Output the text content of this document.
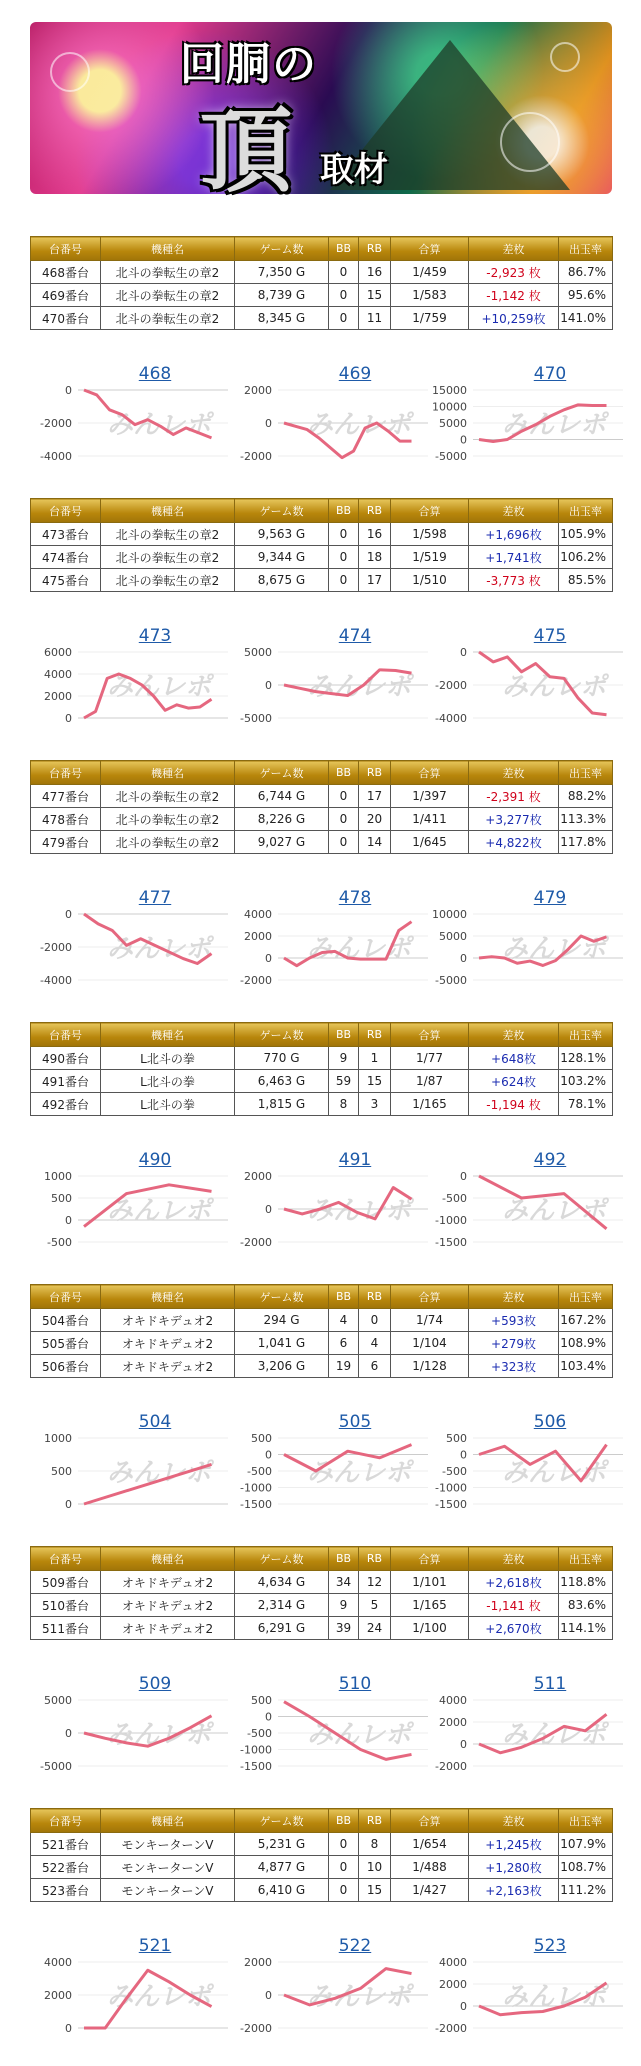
回胴の
頂 取材
いただき
Rainbow
台番号	機種名	ゲーム数	BB	RB	合算	差枚	出玉率
468番台	北斗の拳転生の章2	7,350 G	0	16	1/459	-2,923 枚	86.7%
469番台	北斗の拳転生の章2	8,739 G	0	15	1/583	-1,142 枚	95.6%
470番台	北斗の拳転生の章2	8,345 G	0	11	1/759	+10,259枚	141.0%
468
0
-2000
-4000
みんレポ
469
2000
0
-2000
みんレポ
470
15000
10000
5000
0
-5000
みんレポ
台番号	機種名	ゲーム数	BB	RB	合算	差枚	出玉率
473番台	北斗の拳転生の章2	9,563 G	0	16	1/598	+1,696枚	105.9%
474番台	北斗の拳転生の章2	9,344 G	0	18	1/519	+1,741枚	106.2%
475番台	北斗の拳転生の章2	8,675 G	0	17	1/510	-3,773 枚	85.5%
473
6000
4000
2000
0
みんレポ
474
5000
0
-5000
みんレポ
475
0
-2000
-4000
みんレポ
台番号	機種名	ゲーム数	BB	RB	合算	差枚	出玉率
477番台	北斗の拳転生の章2	6,744 G	0	17	1/397	-2,391 枚	88.2%
478番台	北斗の拳転生の章2	8,226 G	0	20	1/411	+3,277枚	113.3%
479番台	北斗の拳転生の章2	9,027 G	0	14	1/645	+4,822枚	117.8%
477
0
-2000
-4000
みんレポ
478
4000
2000
0
-2000
みんレポ
479
10000
5000
0
-5000
みんレポ
台番号	機種名	ゲーム数	BB	RB	合算	差枚	出玉率
490番台	L北斗の拳	770 G	9	1	1/77	+648枚	128.1%
491番台	L北斗の拳	6,463 G	59	15	1/87	+624枚	103.2%
492番台	L北斗の拳	1,815 G	8	3	1/165	-1,194 枚	78.1%
490
1000
500
0
-500
みんレポ
491
2000
0
-2000
みんレポ
492
0
-500
-1000
-1500
みんレポ
台番号	機種名	ゲーム数	BB	RB	合算	差枚	出玉率
504番台	オキドキデュオ2	294 G	4	0	1/74	+593枚	167.2%
505番台	オキドキデュオ2	1,041 G	6	4	1/104	+279枚	108.9%
506番台	オキドキデュオ2	3,206 G	19	6	1/128	+323枚	103.4%
504
1000
500
0
みんレポ
505
500
0
-500
-1000
-1500
みんレポ
506
500
0
-500
-1000
-1500
みんレポ
台番号	機種名	ゲーム数	BB	RB	合算	差枚	出玉率
509番台	オキドキデュオ2	4,634 G	34	12	1/101	+2,618枚	118.8%
510番台	オキドキデュオ2	2,314 G	9	5	1/165	-1,141 枚	83.6%
511番台	オキドキデュオ2	6,291 G	39	24	1/100	+2,670枚	114.1%
509
5000
0
-5000
みんレポ
510
500
0
-500
-1000
-1500
みんレポ
511
4000
2000
0
-2000
みんレポ
台番号	機種名	ゲーム数	BB	RB	合算	差枚	出玉率
521番台	モンキーターンV	5,231 G	0	8	1/654	+1,245枚	107.9%
522番台	モンキーターンV	4,877 G	0	10	1/488	+1,280枚	108.7%
523番台	モンキーターンV	6,410 G	0	15	1/427	+2,163枚	111.2%
521
4000
2000
0
みんレポ
522
2000
0
-2000
みんレポ
523
4000
2000
0
-2000
みんレポ
